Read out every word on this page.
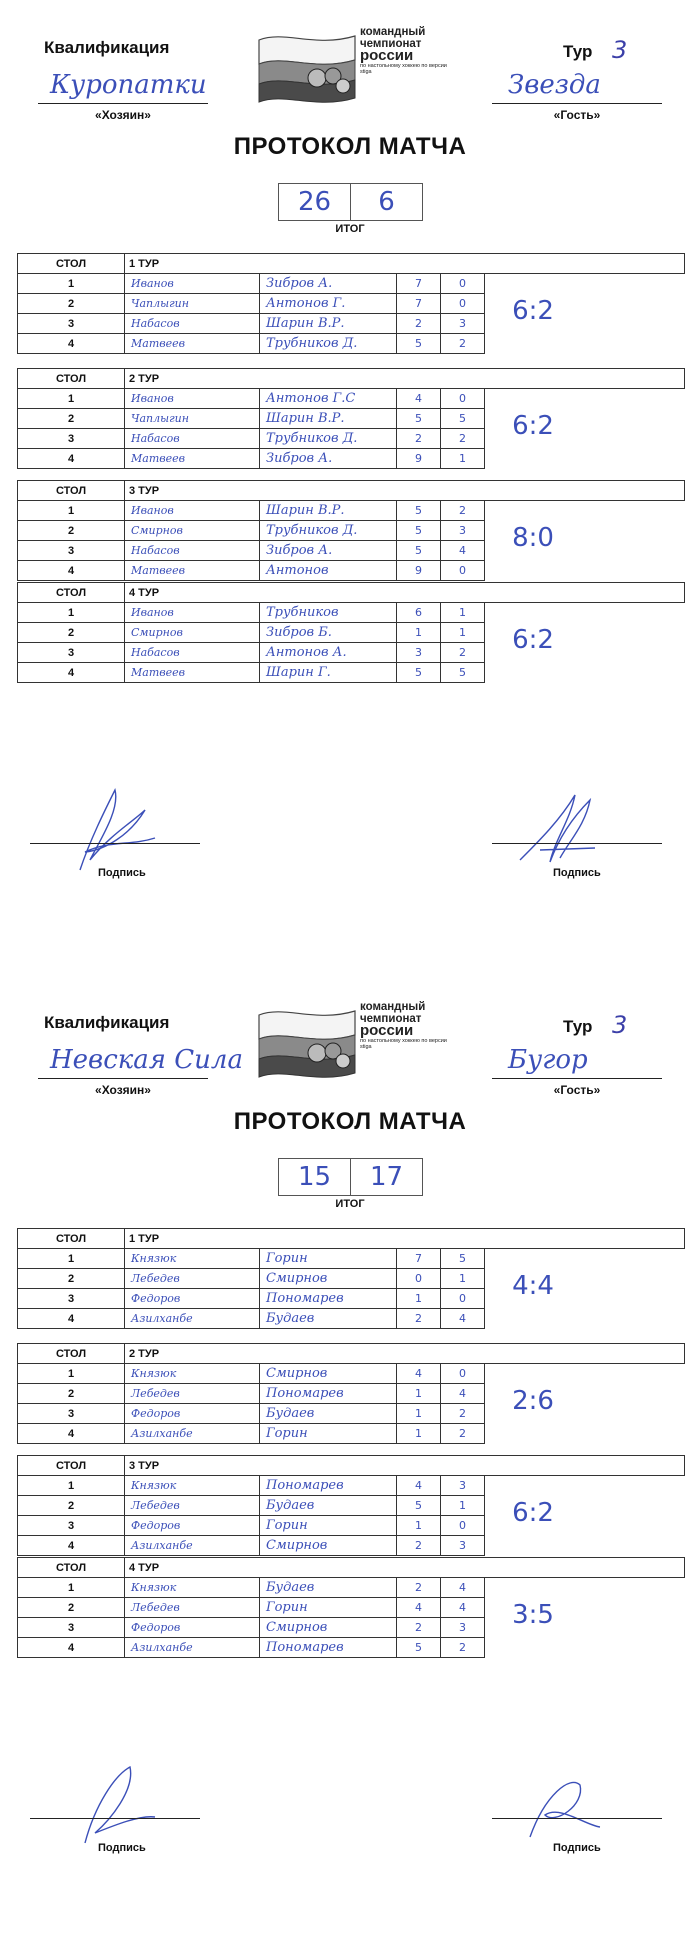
Квалификация
командный
чемпионат
россии
по настольному хоккею по версии stiga
Тур 3
Куропатки
«Хозяин»
Звезда
«Гость»
ПРОТОКОЛ МАТЧА
26	6
ИТОГ
СТОЛ	1 ТУР				
1	Иванов	Зибров А.	7	0	6:2

2	Чаплыгин	Антонов Г.	7	0	
3	Набасов	Шарин В.Р.	2	3	
4	Матвеев	Трубников Д.	5	2	
СТОЛ	2 ТУР				
1	Иванов	Антонов Г.С	4	0	6:2

2	Чаплыгин	Шарин В.Р.	5	5	
3	Набасов	Трубников Д.	2	2	
4	Матвеев	Зибров А.	9	1	
СТОЛ	3 ТУР				
1	Иванов	Шарин В.Р.	5	2	8:0

2	Смирнов	Трубников Д.	5	3	
3	Набасов	Зибров А.	5	4	
4	Матвеев	Антонов	9	0	
СТОЛ	4 ТУР				
1	Иванов	Трубников	6	1	6:2

2	Смирнов	Зибров Б.	1	1	
3	Набасов	Антонов А.	3	2	
4	Матвеев	Шарин Г.	5	5	
Подпись	Подпись
Квалификация
командный
чемпионат
россии
по настольному хоккею по версии stiga
Тур 3
Невская Сила
«Хозяин»
Бугор
«Гость»
ПРОТОКОЛ МАТЧА
15	17
ИТОГ
СТОЛ	1 ТУР				
1	Князюк	Горин	7	5	4:4

2	Лебедев	Смирнов	0	1	
3	Федоров	Пономарев	1	0	
4	Азилханбе	Будаев	2	4	
СТОЛ	2 ТУР				
1	Князюк	Смирнов	4	0	2:6

2	Лебедев	Пономарев	1	4	
3	Федоров	Будаев	1	2	
4	Азилханбе	Горин	1	2	
СТОЛ	3 ТУР				
1	Князюк	Пономарев	4	3	6:2

2	Лебедев	Будаев	5	1	
3	Федоров	Горин	1	0	
4	Азилханбе	Смирнов	2	3	
СТОЛ	4 ТУР				
1	Князюк	Будаев	2	4	3:5

2	Лебедев	Горин	4	4	
3	Федоров	Смирнов	2	3	
4	Азилханбе	Пономарев	5	2	
Подпись	Подпись
